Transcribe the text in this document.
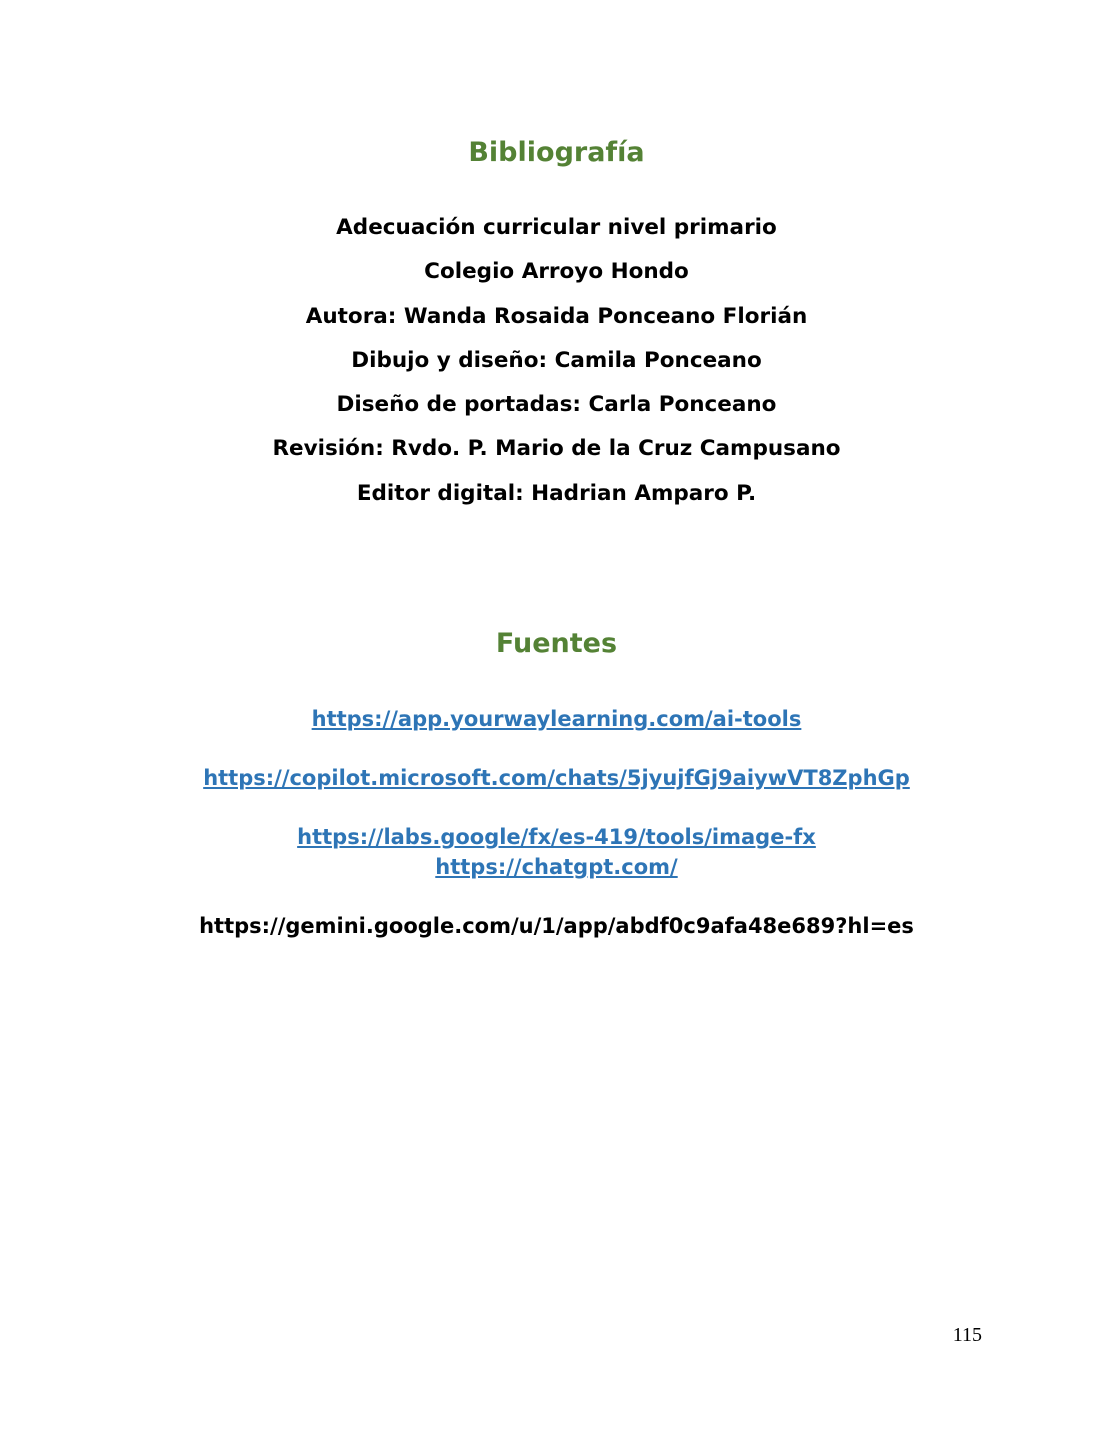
Bibliografía
Adecuación curricular nivel primario
Colegio Arroyo Hondo
Autora: Wanda Rosaida Ponceano Florián
Dibujo y diseño: Camila Ponceano
Diseño de portadas: Carla Ponceano
Revisión: Rvdo. P. Mario de la Cruz Campusano
Editor digital: Hadrian Amparo P.
Fuentes
https://app.yourwaylearning.com/ai-tools
https://copilot.microsoft.com/chats/5jyujfGj9aiywVT8ZphGp
https://labs.google/fx/es-419/tools/image-fx
https://chatgpt.com/
https://gemini.google.com/u/1/app/abdf0c9afa48e689?hl=es
115
